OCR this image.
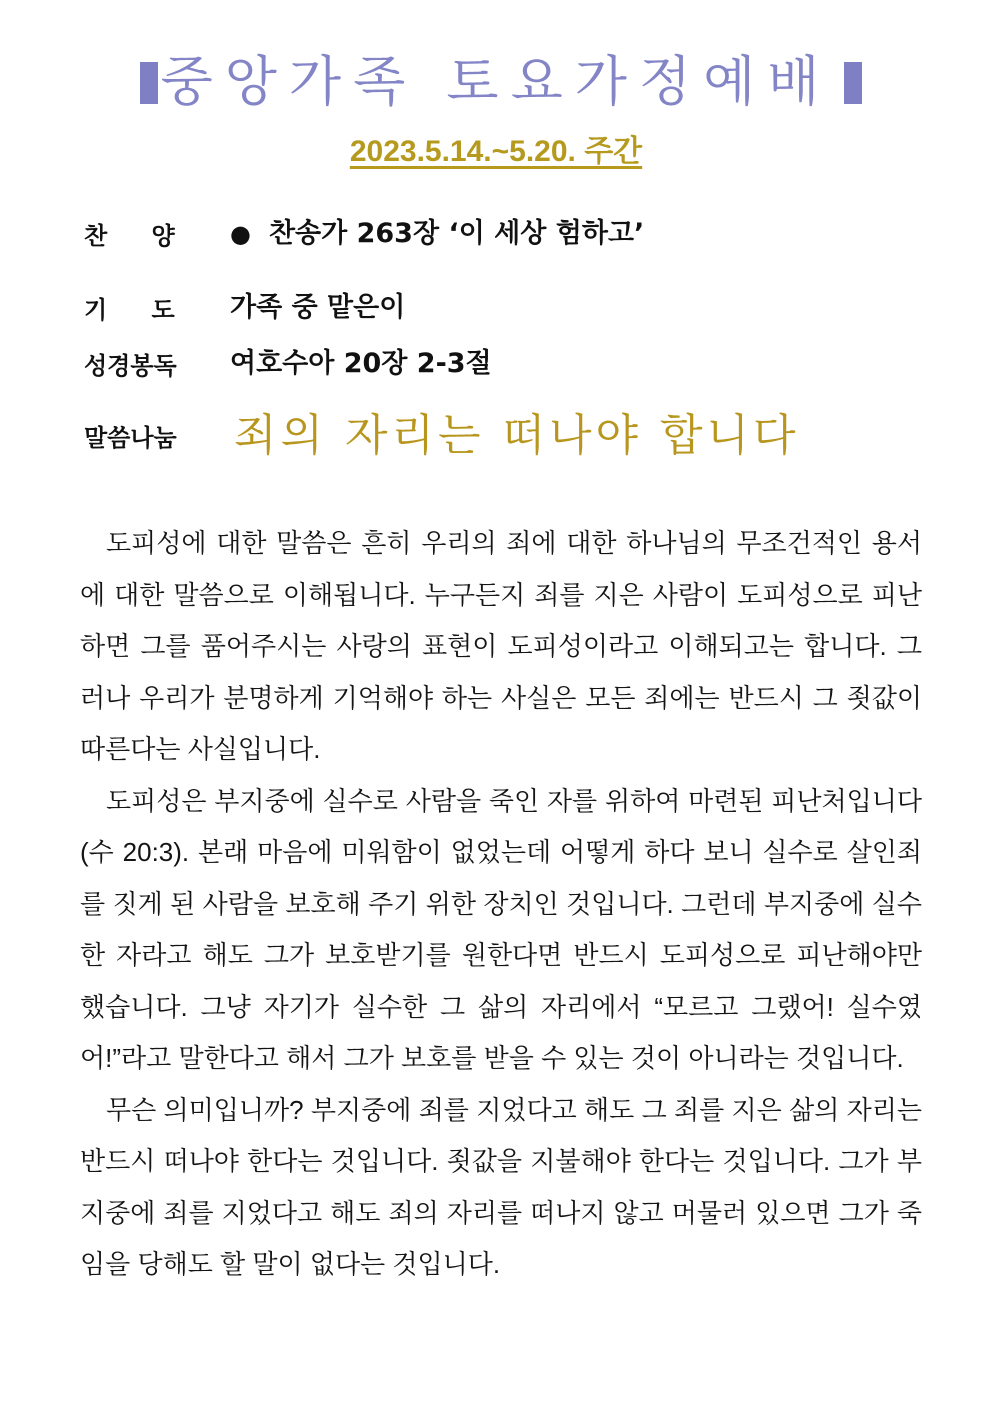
중앙가족 토요가정예배
2023.5.14.~5.20. 주간
찬 양 ● 찬송가 263장 ‘이 세상 험하고’
기 도 가족 중 맡은이
성경봉독 여호수아 20장 2-3절
말씀나눔 죄의 자리는 떠나야 합니다

도피성에 대한 말씀은 흔히 우리의 죄에 대한 하나님의 무조건적인 용서에 대한 말씀으로 이해됩니다. 누구든지 죄를 지은 사람이 도피성으로 피난하면 그를 품어주시는 사랑의 표현이 도피성이라고 이해되고는 합니다. 그러나 우리가 분명하게 기억해야 하는 사실은 모든 죄에는 반드시 그 죗값이 따른다는 사실입니다.

도피성은 부지중에 실수로 사람을 죽인 자를 위하여 마련된 피난처입니다(수 20:3). 본래 마음에 미워함이 없었는데 어떻게 하다 보니 실수로 살인죄를 짓게 된 사람을 보호해 주기 위한 장치인 것입니다. 그런데 부지중에 실수한 자라고 해도 그가 보호받기를 원한다면 반드시 도피성으로 피난해야만 했습니다. 그냥 자기가 실수한 그 삶의 자리에서 “모르고 그랬어! 실수였어!”라고 말한다고 해서 그가 보호를 받을 수 있는 것이 아니라는 것입니다.

무슨 의미입니까? 부지중에 죄를 지었다고 해도 그 죄를 지은 삶의 자리는 반드시 떠나야 한다는 것입니다. 죗값을 지불해야 한다는 것입니다. 그가 부지중에 죄를 지었다고 해도 죄의 자리를 떠나지 않고 머물러 있으면 그가 죽임을 당해도 할 말이 없다는 것입니다.
